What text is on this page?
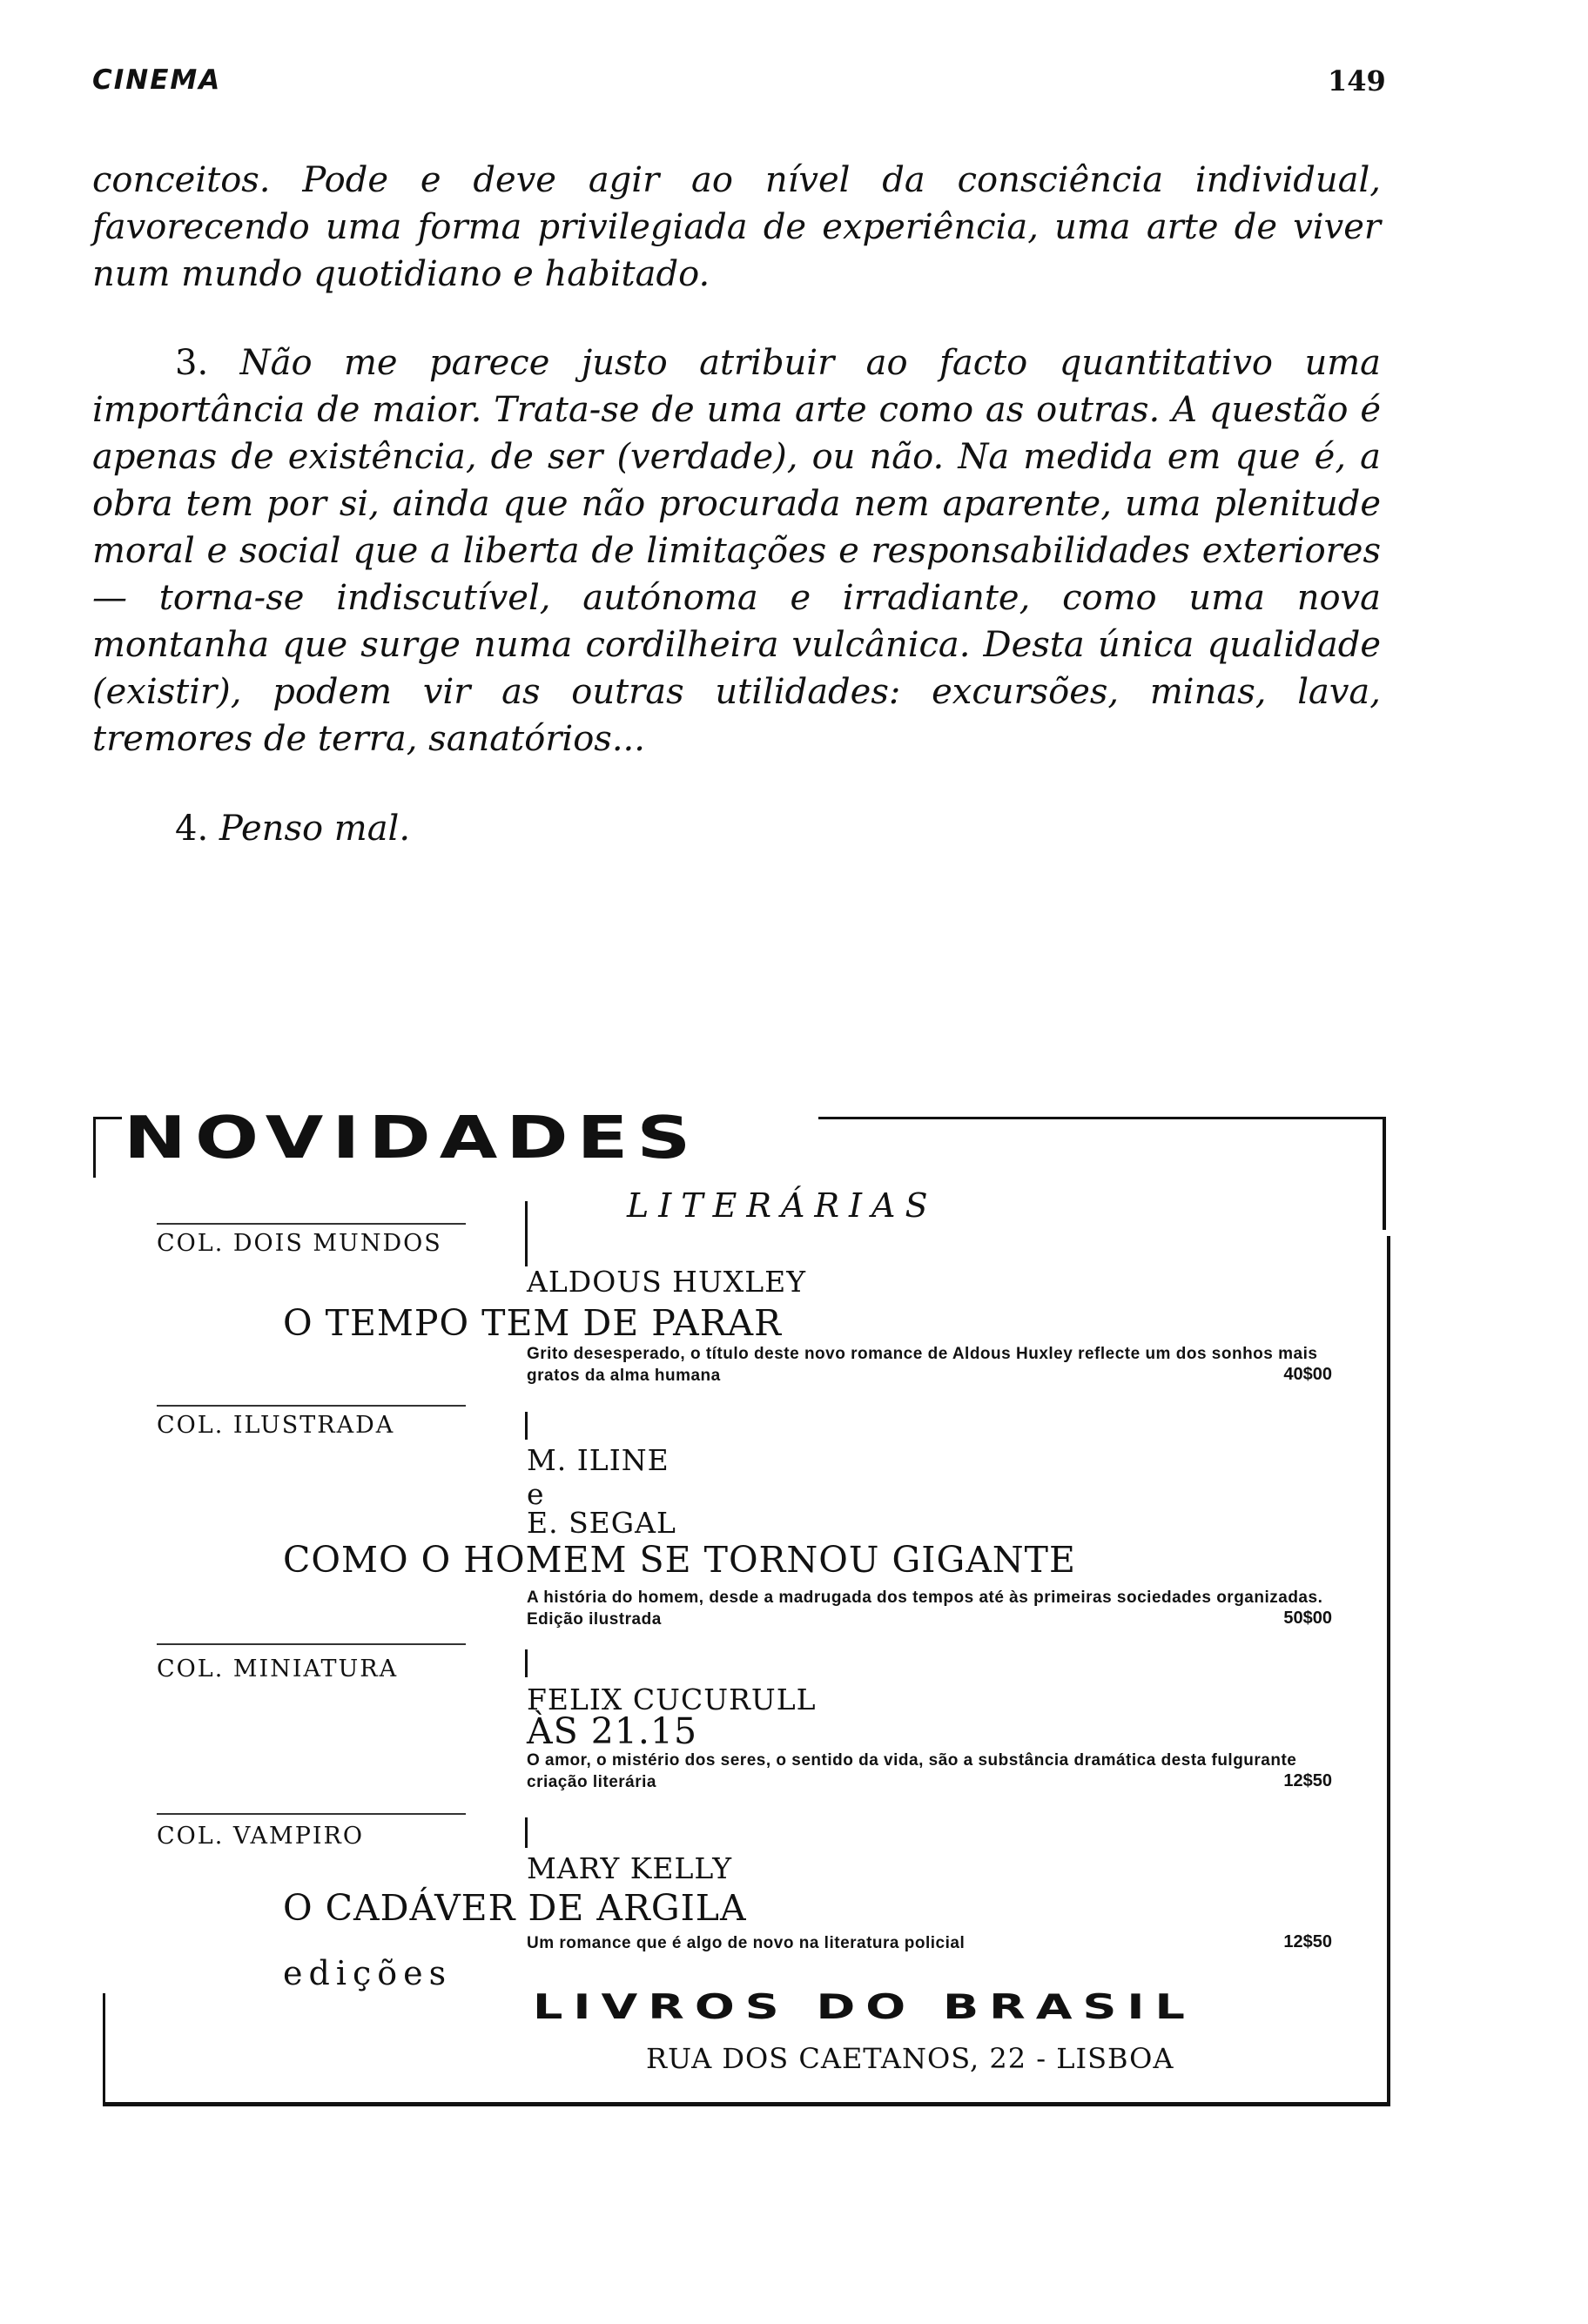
CINEMA	149

conceitos. Pode e deve agir ao nível da consciência individual, favorecendo uma forma privilegiada de experiência, uma arte de viver num mundo quotidiano e habitado.

3. Não me parece justo atribuir ao facto quantitativo uma importância de maior. Trata-se de uma arte como as outras. A questão é apenas de existência, de ser (verdade), ou não. Na medida em que é, a obra tem por si, ainda que não procurada nem aparente, uma plenitude moral e social que a liberta de limitações e responsabilidades exteriores — torna-se indiscutível, autónoma e irradiante, como uma nova montanha que surge numa cordilheira vulcânica. Desta única qualidade (existir), podem vir as outras utilidades: excursões, minas, lava, tremores de terra, sanatórios...

4. Penso mal.

NOVIDADES
LITERÁRIAS
COL. DOIS MUNDOS
ALDOUS HUXLEY
O TEMPO TEM DE PARAR
Grito desesperado, o título deste novo romance de Aldous Huxley reflecte um dos sonhos mais gratos da alma humana	40$00
COL. ILUSTRADA
M. ILINE
e
E. SEGAL
COMO O HOMEM SE TORNOU GIGANTE
A história do homem, desde a madrugada dos tempos até às primeiras sociedades organizadas. Edição ilustrada	50$00
COL. MINIATURA
FELIX CUCURULL
ÀS 21.15
O amor, o mistério dos seres, o sentido da vida, são a substância dramática desta fulgurante criação literária	12$50
COL. VAMPIRO
MARY KELLY
O CADÁVER DE ARGILA
Um romance que é algo de novo na literatura policial	12$50
edições
LIVROS DO BRASIL
RUA DOS CAETANOS, 22 - LISBOA
